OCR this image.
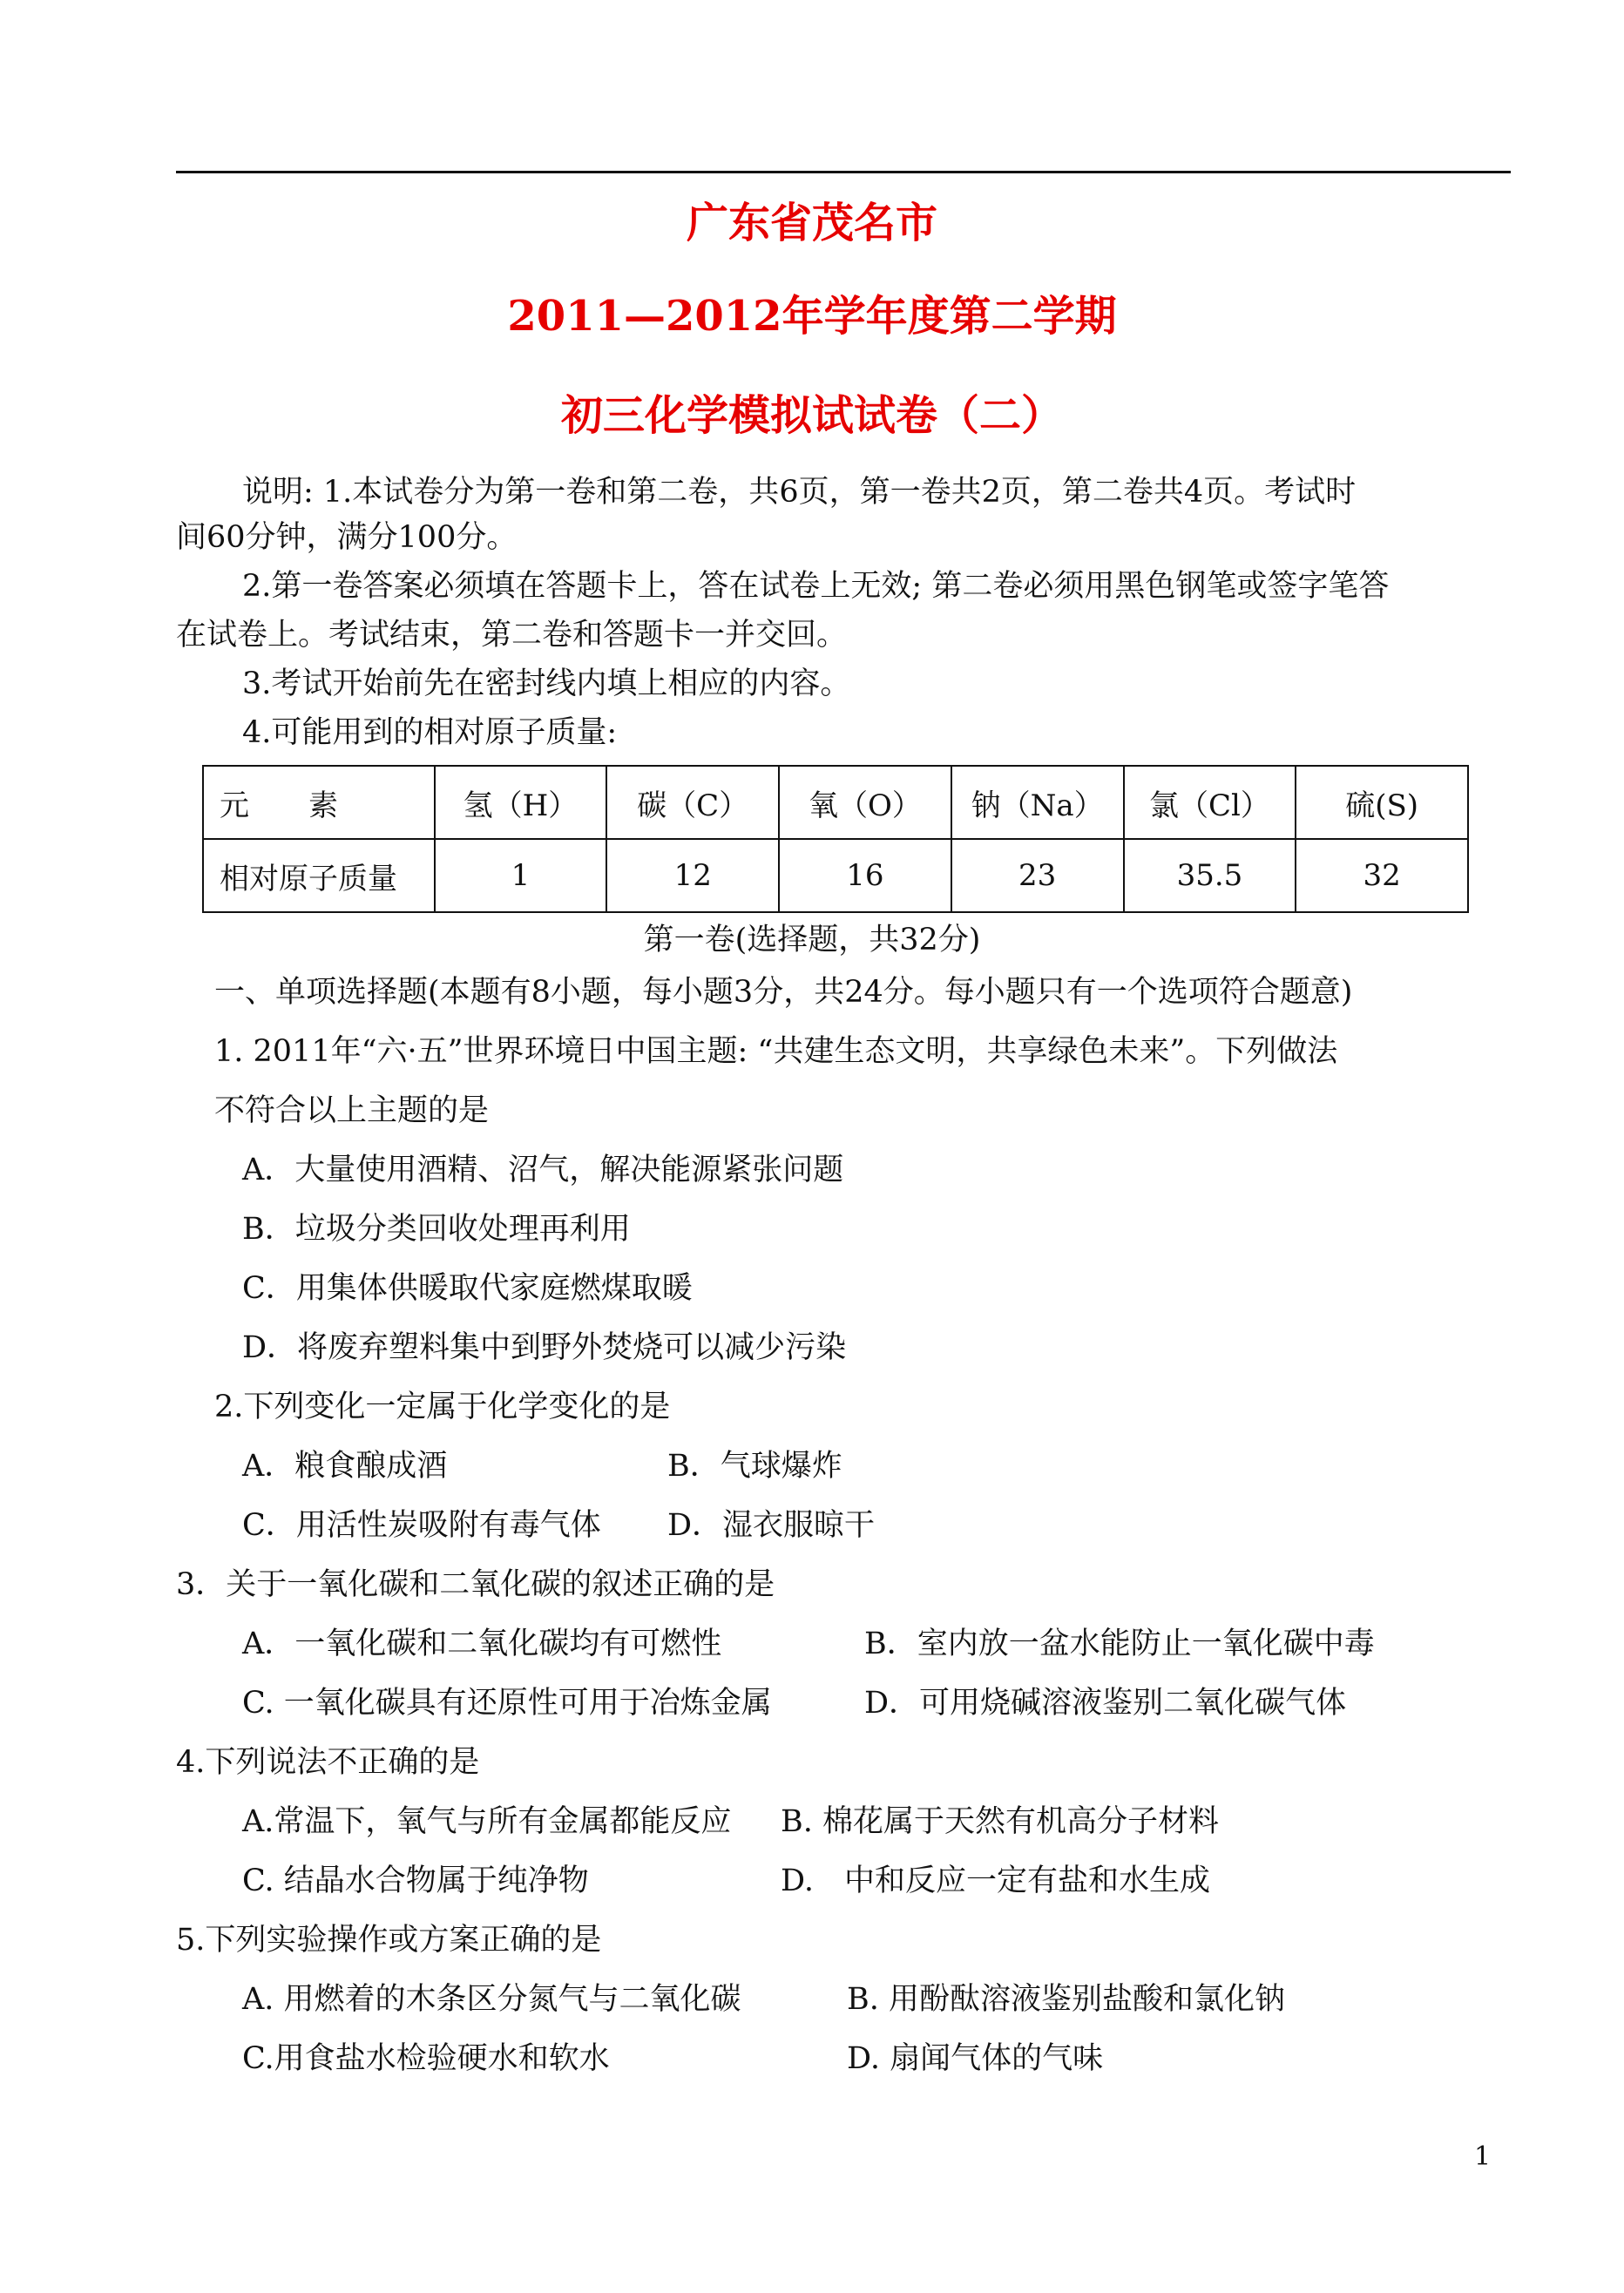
广东省茂名市
2011—2012年学年度第二学期
初三化学模拟试试卷（二）
说明: 1.本试卷分为第一卷和第二卷，共6页，第一卷共2页，第二卷共4页。考试时
间60分钟，满分100分。
2.第一卷答案必须填在答题卡上，答在试卷上无效; 第二卷必须用黑色钢笔或签字笔答
在试卷上。考试结束，第二卷和答题卡一并交回。
3.考试开始前先在密封线内填上相应的内容。
4.可能用到的相对原子质量:
元　　素	氢（H）	碳（C）	氧（O）	钠（Na）	氯（Cl）	硫(S)
相对原子质量	1	12	16	23	35.5	32
第一卷(选择题，共32分)
一、单项选择题(本题有8小题，每小题3分，共24分。每小题只有一个选项符合题意)
1. 2011年“六·五”世界环境日中国主题: “共建生态文明，共享绿色未来”。下列做法
不符合以上主题的是
A．大量使用酒精、沼气，解决能源紧张问题
B．垃圾分类回收处理再利用
C．用集体供暖取代家庭燃煤取暖
D．将废弃塑料集中到野外焚烧可以减少污染
2.下列变化一定属于化学变化的是
A．粮食酿成酒	B．气球爆炸
C．用活性炭吸附有毒气体 D．湿衣服晾干
3．关于一氧化碳和二氧化碳的叙述正确的是
A．一氧化碳和二氧化碳均有可燃性	B．室内放一盆水能防止一氧化碳中毒
C. 一氧化碳具有还原性可用于冶炼金属	D．可用烧碱溶液鉴别二氧化碳气体
4.下列说法不正确的是
A.常温下，氧气与所有金属都能反应 B. 棉花属于天然有机高分子材料
C. 结晶水合物属于纯净物	D.　中和反应一定有盐和水生成
5.下列实验操作或方案正确的是
A. 用燃着的木条区分氮气与二氧化碳	B. 用酚酞溶液鉴别盐酸和氯化钠
C.用食盐水检验硬水和软水	D. 扇闻气体的气味
1
